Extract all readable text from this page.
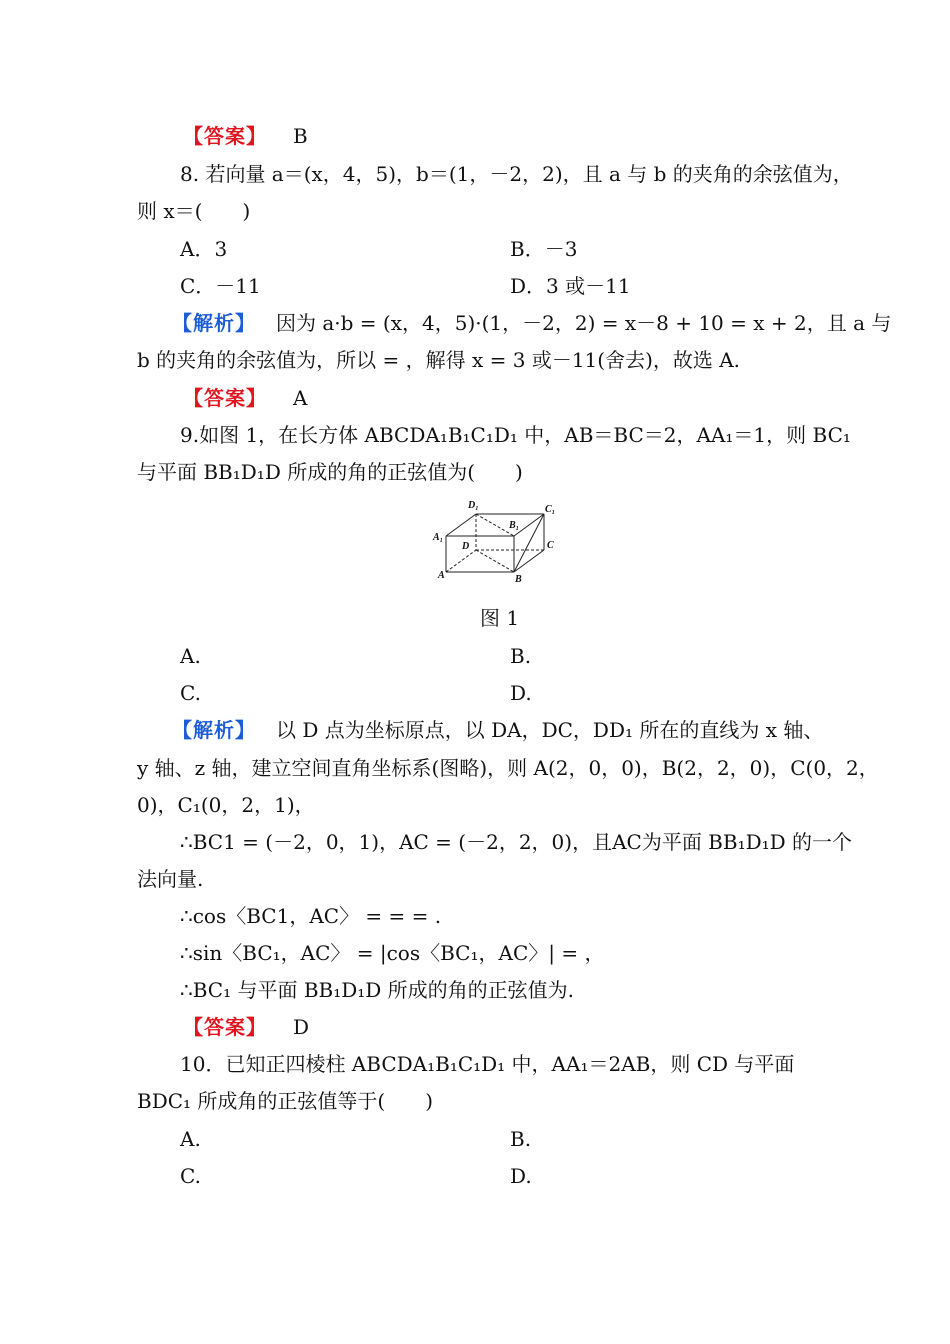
【答案】 B
8. 若向量 a＝(x，4，5)，b＝(1，－2，2)，且 a 与 b 的夹角的余弦值为，
则 x＝(　　)
A．3	B．－3
C．－11	D．3 或－11
【解析】 因为 a·b = (x，4，5)·(1，－2，2) = x－8 + 10 = x + 2，且 a 与
b 的夹角的余弦值为，所以 = ，解得 x = 3 或－11(舍去)，故选 A.
【答案】 A
9.如图 1，在长方体 ABCDA₁B₁C₁D₁ 中，AB＝BC＝2，AA₁＝1，则 BC₁
与平面 BB₁D₁D 所成的角的正弦值为(　　)
D₁	C₁
B₁
A₁
D	C
A	B
图 1
A.	B.
C.	D.
【解析】 以 D 点为坐标原点，以 DA，DC，DD₁ 所在的直线为 x 轴、
y 轴、z 轴，建立空间直角坐标系(图略)，则 A(2，0，0)，B(2，2，0)，C(0，2，
0)，C₁(0，2，1)，
∴BC1 = (－2，0，1)，AC = (－2，2，0)，且AC为平面 BB₁D₁D 的一个
法向量.
∴cos〈BC1，AC〉 = = = .
∴sin〈BC₁，AC〉 = |cos〈BC₁，AC〉| = ，
∴BC₁ 与平面 BB₁D₁D 所成的角的正弦值为.
【答案】 D
10．已知正四棱柱 ABCDA₁B₁C₁D₁ 中，AA₁＝2AB，则 CD 与平面
BDC₁ 所成角的正弦值等于(　　)
A.	B.
C.	D.
